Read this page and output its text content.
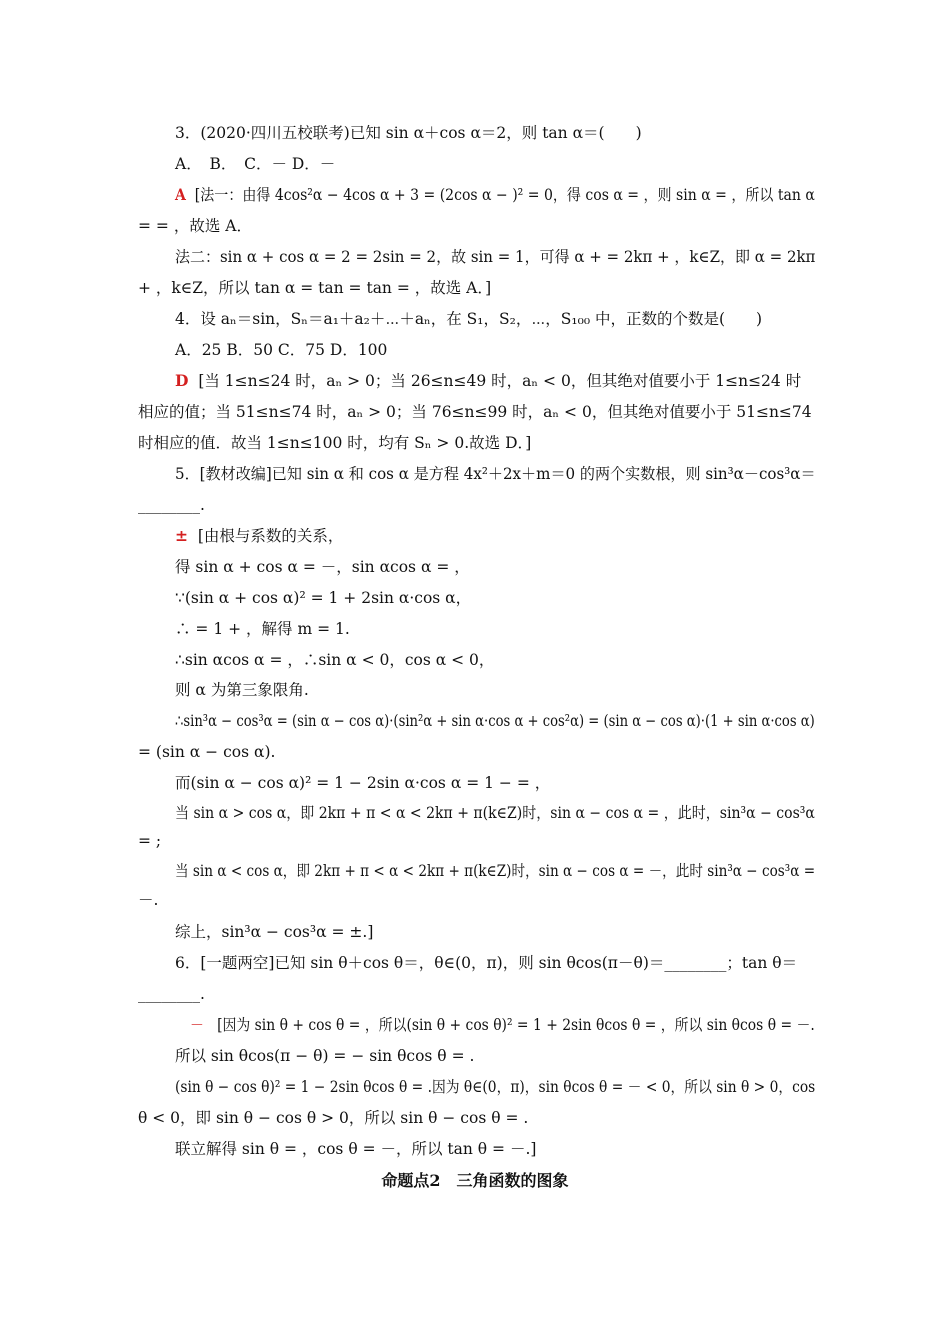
3．(2020·四川五校联考)已知 sin α＋cos α＝2，则 tan α＝(　　)
A．　B．　C．－ D．－
A [法一：由得 4cos²α − 4cos α + 3 = (2cos α − )² = 0，得 cos α = ，则 sin α = ，所以 tan α
= = ，故选 A．
法二：sin α + cos α = 2 = 2sin = 2，故 sin = 1，可得 α + = 2kπ + ，k∈Z，即 α = 2kπ
+ ，k∈Z，所以 tan α = tan = tan = ，故选 A．]
4．设 aₙ＝sin，Sₙ＝a₁＋a₂＋⋯＋aₙ，在 S₁，S₂，⋯，S₁₀₀ 中，正数的个数是(　　)
A．25 B．50 C．75 D．100
D [当 1≤n≤24 时，aₙ > 0；当 26≤n≤49 时，aₙ < 0，但其绝对值要小于 1≤n≤24 时
相应的值；当 51≤n≤74 时，aₙ > 0；当 76≤n≤99 时，aₙ < 0，但其绝对值要小于 51≤n≤74
时相应的值．故当 1≤n≤100 时，均有 Sₙ > 0.故选 D．]
5．[教材改编]已知 sin α 和 cos α 是方程 4x²＋2x＋m＝0 的两个实数根，则 sin³α－cos³α＝
________.
± [由根与系数的关系，
得 sin α + cos α = －，sin αcos α = ，
∵(sin α + cos α)² = 1 + 2sin α·cos α，
∴ = 1 + ，解得 m = 1.
∴sin αcos α = ，∴sin α < 0，cos α < 0，
则 α 为第三象限角.
∴sin³α − cos³α = (sin α − cos α)·(sin²α + sin α·cos α + cos²α) = (sin α − cos α)·(1 + sin α·cos α)
= (sin α − cos α).
而(sin α − cos α)² = 1 − 2sin α·cos α = 1 − = ，
当 sin α > cos α，即 2kπ + π < α < 2kπ + π(k∈Z)时，sin α − cos α = ，此时，sin³α − cos³α
= ;
当 sin α < cos α，即 2kπ + π < α < 2kπ + π(k∈Z)时，sin α − cos α = －，此时 sin³α − cos³α =
－.
综上，sin³α − cos³α = ±.]
6．[一题两空]已知 sin θ＋cos θ＝，θ∈(0，π)，则 sin θcos(π－θ)＝________；tan θ＝
________.
－ [因为 sin θ + cos θ = ，所以(sin θ + cos θ)² = 1 + 2sin θcos θ = ，所以 sin θcos θ = －.
所以 sin θcos(π − θ) = − sin θcos θ = .
(sin θ − cos θ)² = 1 − 2sin θcos θ = .因为 θ∈(0，π)，sin θcos θ = － < 0，所以 sin θ > 0，cos
θ < 0，即 sin θ − cos θ > 0，所以 sin θ − cos θ = .
联立解得 sin θ = ，cos θ = －，所以 tan θ = －.]
命题点2　三角函数的图象
